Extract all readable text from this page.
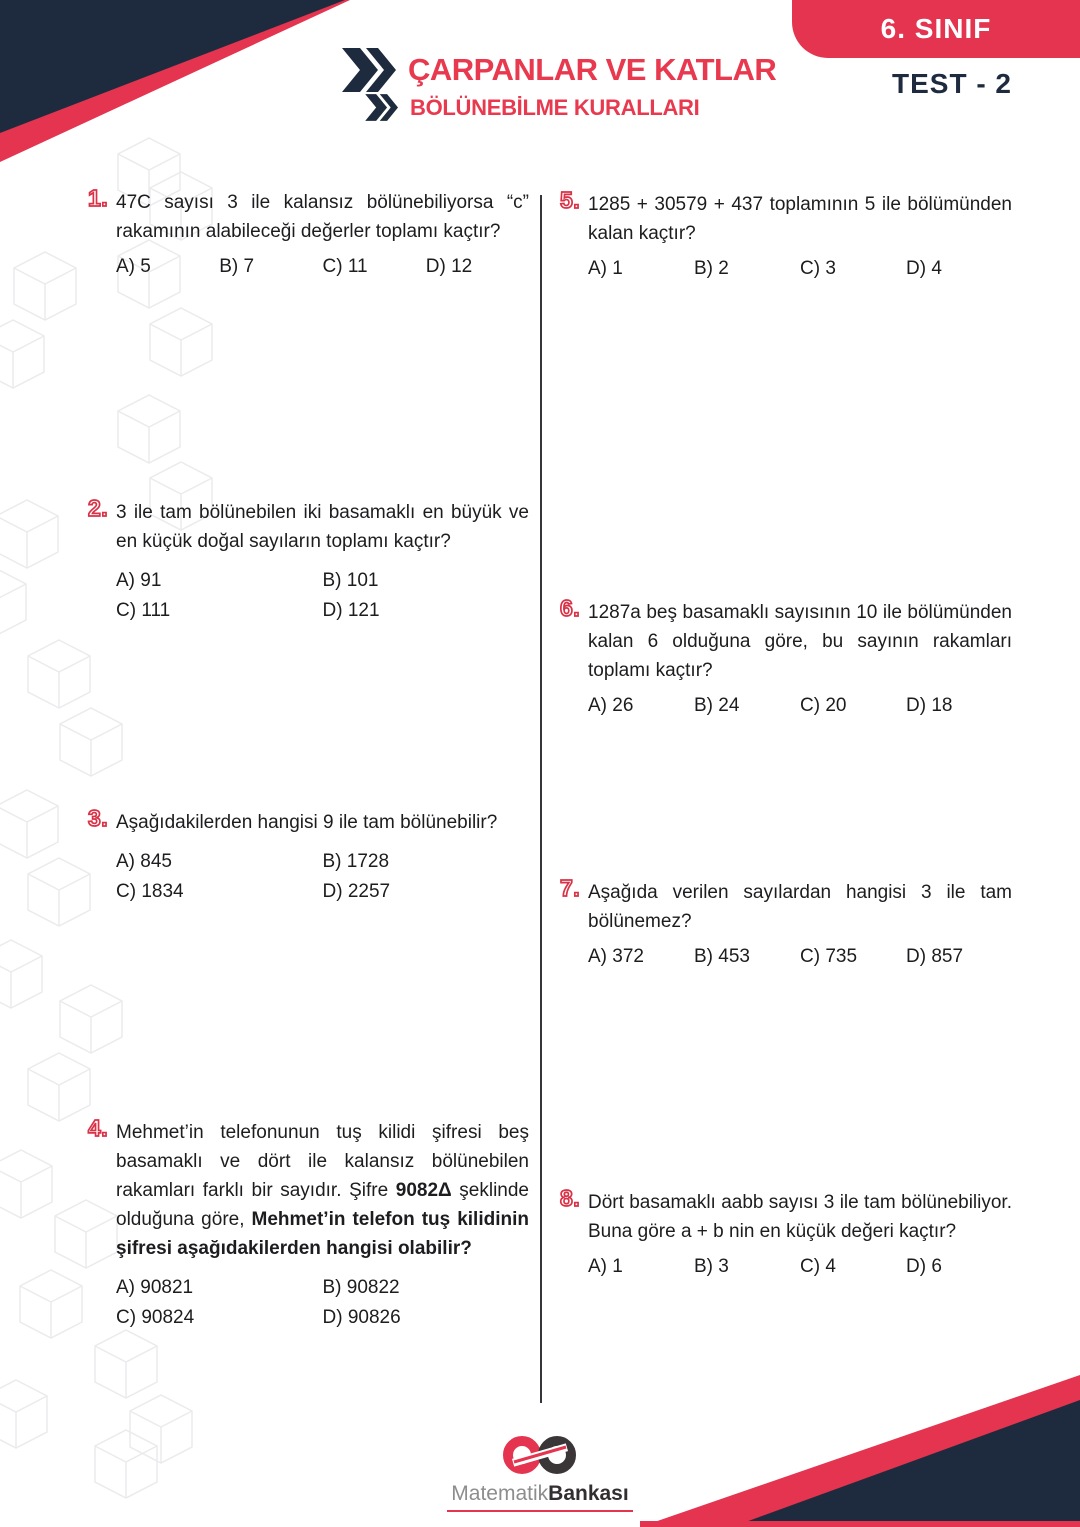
6. SINIF
TEST - 2
ÇARPANLAR VE KATLAR
BÖLÜNEBİLME KURALLARI
1. 47C sayısı 3 ile kalansız bölünebiliyorsa “c” rakamının alabileceği değerler toplamı kaçtır?

A) 5	B) 7	C) 11	D) 12
2. 3 ile tam bölünebilen iki basamaklı en büyük ve en küçük doğal sayıların toplamı kaçtır?

A) 91	B) 101
C) 111	D) 121
3. Aşağıdakilerden hangisi 9 ile tam bölünebilir?

A) 845	B) 1728
C) 1834	D) 2257
4. Mehmet’in telefonunun tuş kilidi şifresi beş basamaklı ve dört ile kalansız bölünebilen rakamları farklı bir sayıdır. Şifre 9082Δ şeklinde olduğuna göre, Mehmet’in telefon tuş kilidinin şifresi aşağıdakilerden hangisi olabilir?

A) 90821	B) 90822
C) 90824	D) 90826
5. 1285 + 30579 + 437 toplamının 5 ile bölümünden kalan kaçtır?

A) 1	B) 2	C) 3	D) 4
6. 1287a beş basamaklı sayısının 10 ile bölümünden kalan 6 olduğuna göre, bu sayının rakamları toplamı kaçtır?

A) 26	B) 24	C) 20	D) 18
7. Aşağıda verilen sayılardan hangisi 3 ile tam bölünemez?

A) 372	B) 453	C) 735	D) 857
8. Dört basamaklı aabb sayısı 3 ile tam bölünebiliyor. Buna göre a + b nin en küçük değeri kaçtır?

A) 1	B) 3	C) 4	D) 6
MatematikBankası
